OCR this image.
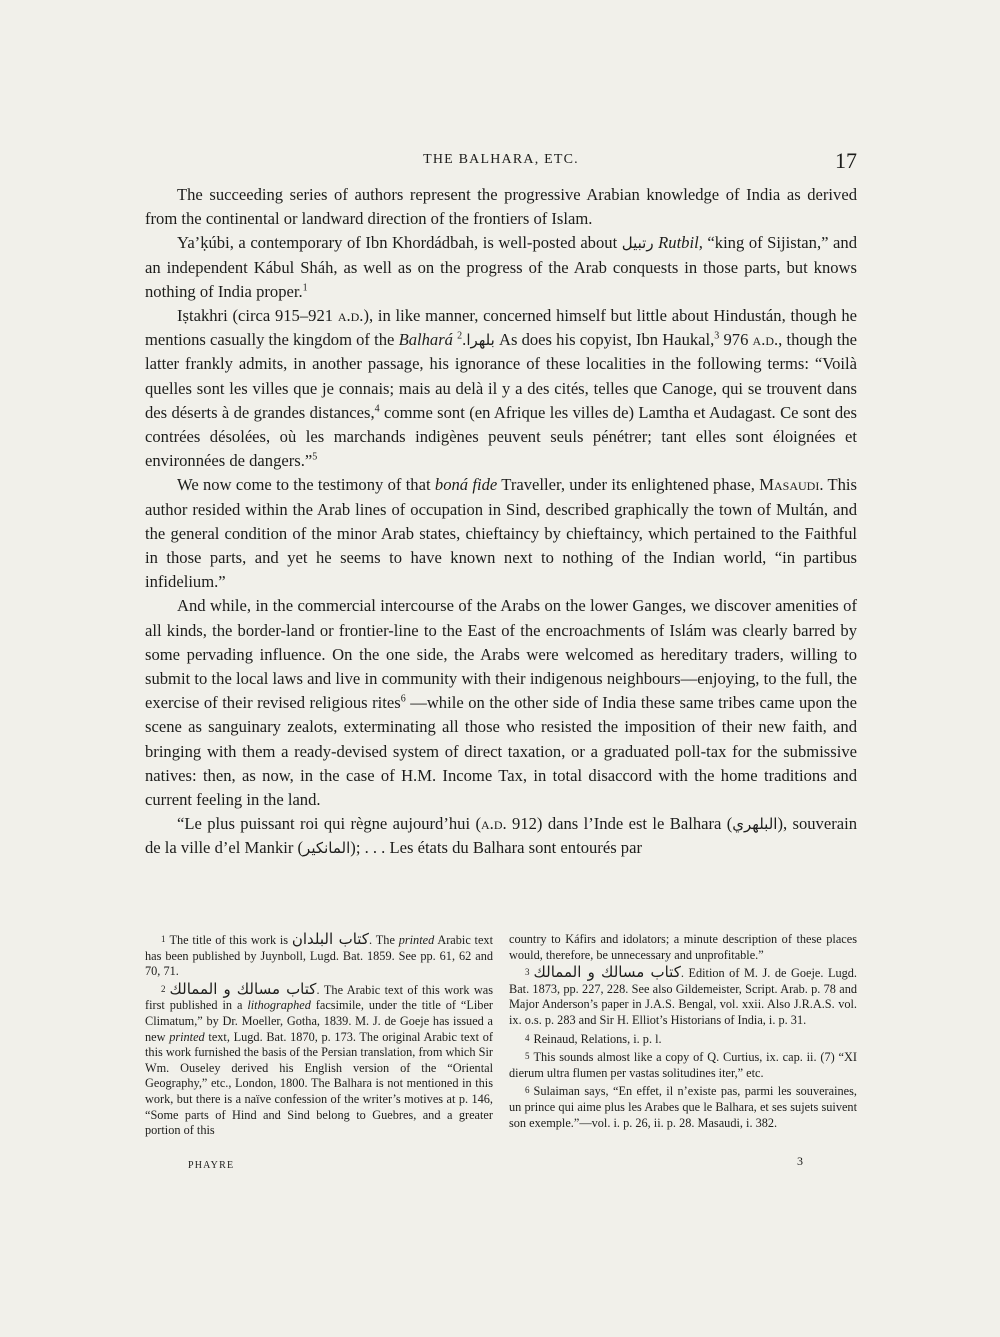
THE BALHARA, ETC.	17

The succeeding series of authors represent the progressive Arabian knowledge of India as derived from the continental or landward direction of the frontiers of Islam.

Ya’ḳúbi, a contemporary of Ibn Khordádbah, is well-posted about رتبيل Rutbil, “king of Sijistan,” and an independent Kábul Sháh, as well as on the progress of the Arab conquests in those parts, but knows nothing of India proper.$^1$

Iṣtakhri (circa 915–921 a.d.), in like manner, concerned himself but little about Hindustán, though he mentions casually the kingdom of the Balhará بلهرا.$^2$ As does his copyist, Ibn Haukal,$^3$ 976 a.d., though the latter frankly admits, in another passage, his ignorance of these localities in the following terms: “Voilà quelles sont les villes que je connais; mais au delà il y a des cités, telles que Canoge, qui se trouvent dans des déserts à de grandes distances,$^4$ comme sont (en Afrique les villes de) Lamtha et Audagast. Ce sont des contrées désolées, où les marchands indigènes peuvent seuls pénétrer; tant elles sont éloignées et environnées de dangers.”$^5$

We now come to the testimony of that boná fide Traveller, under its enlightened phase, Masaudi. This author resided within the Arab lines of occupation in Sind, described graphically the town of Multán, and the general condition of the minor Arab states, chieftaincy by chieftaincy, which pertained to the Faithful in those parts, and yet he seems to have known next to nothing of the Indian world, “in partibus infidelium.”

And while, in the commercial intercourse of the Arabs on the lower Ganges, we discover amenities of all kinds, the border-land or frontier-line to the East of the encroachments of Islám was clearly barred by some pervading influence. On the one side, the Arabs were welcomed as hereditary traders, willing to submit to the local laws and live in community with their indigenous neighbours—enjoying, to the full, the exercise of their revised religious rites$^6$ —while on the other side of India these same tribes came upon the scene as sanguinary zealots, exterminating all those who resisted the imposition of their new faith, and bringing with them a ready-devised system of direct taxation, or a graduated poll-tax for the submissive natives: then, as now, in the case of H.M. Income Tax, in total disaccord with the home traditions and current feeling in the land.

“Le plus puissant roi qui règne aujourd’hui (a.d. 912) dans l’Inde est le Balhara (البلهري), souverain de la ville d’el Mankir (المانكير); . . . Les états du Balhara sont entourés par

1 The title of this work is كتاب البلدان. The printed Arabic text has been published by Juynboll, Lugd. Bat. 1859. See pp. 61, 62 and 70, 71.

2 كتاب مسالك و الممالك. The Arabic text of this work was first published in a lithographed facsimile, under the title of “Liber Climatum,” by Dr. Moeller, Gotha, 1839. M. J. de Goeje has issued a new printed text, Lugd. Bat. 1870, p. 173. The original Arabic text of this work furnished the basis of the Persian translation, from which Sir Wm. Ouseley derived his English version of the “Oriental Geography,” etc., London, 1800. The Balhara is not mentioned in this work, but there is a naïve confession of the writer’s motives at p. 146, “Some parts of Hind and Sind belong to Guebres, and a greater portion of this

country to Káfirs and idolators; a minute description of these places would, therefore, be unnecessary and unprofitable.”

3 كتاب مسالك و الممالك. Edition of M. J. de Goeje. Lugd. Bat. 1873, pp. 227, 228. See also Gildemeister, Script. Arab. p. 78 and Major Anderson’s paper in J.A.S. Bengal, vol. xxii. Also J.R.A.S. vol. ix. o.s. p. 283 and Sir H. Elliot’s Historians of India, i. p. 31.

4 Reinaud, Relations, i. p. l.

5 This sounds almost like a copy of Q. Curtius, ix. cap. ii. (7) “XI dierum ultra flumen per vastas solitudines iter,” etc.

6 Sulaiman says, “En effet, il n’existe pas, parmi les souveraines, un prince qui aime plus les Arabes que le Balhara, et ses sujets suivent son exemple.”—vol. i. p. 26, ii. p. 28. Masaudi, i. 382.

3
PHAYRE
